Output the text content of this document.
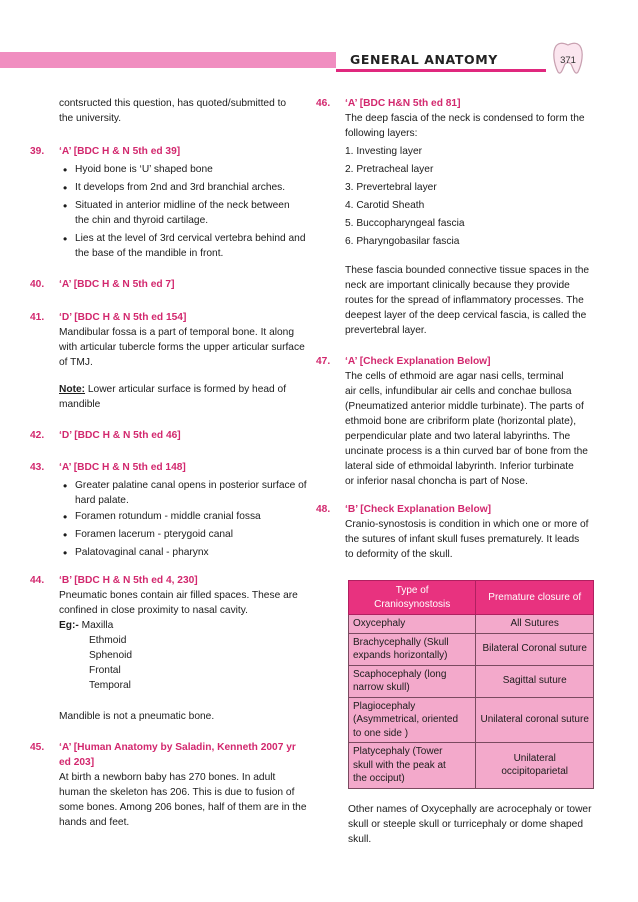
GENERAL ANATOMY	371
contsructed this question, has quoted/submitted to
the university.
39. ‘A’ [BDC H & N 5th ed 39]
• Hyoid bone is ‘U’ shaped bone
• It develops from 2nd and 3rd branchial arches.
• Situated in anterior midline of the neck between
the chin and thyroid cartilage.
• Lies at the level of 3rd cervical vertebra behind and
the base of the mandible in front.
40. ‘A’ [BDC H & N 5th ed 7]
41. ‘D’ [BDC H & N 5th ed 154]
Mandibular fossa is a part of temporal bone. It along
with articular tubercle forms the upper articular surface
of TMJ.
Note: Lower articular surface is formed by head of
mandible
42. ‘D’ [BDC H & N 5th ed 46]
43. ‘A’ [BDC H & N 5th ed 148]
• Greater palatine canal opens in posterior surface of
hard palate.
• Foramen rotundum - middle cranial fossa
• Foramen lacerum - pterygoid canal
• Palatovaginal canal - pharynx
44. ‘B’ [BDC H & N 5th ed 4, 230]
Pneumatic bones contain air filled spaces. These are
confined in close proximity to nasal cavity.
Eg:- Maxilla
Ethmoid
Sphenoid
Frontal
Temporal
Mandible is not a pneumatic bone.
45. ‘A’ [Human Anatomy by Saladin, Kenneth 2007 yr
ed 203]
At birth a newborn baby has 270 bones. In adult
human the skeleton has 206. This is due to fusion of
some bones. Among 206 bones, half of them are in the
hands and feet.
46. ‘A’ [BDC H&N 5th ed 81]
The deep fascia of the neck is condensed to form the
following layers:
1. Investing layer
2. Pretracheal layer
3. Prevertebral layer
4. Carotid Sheath
5. Buccopharyngeal fascia
6. Pharyngobasilar fascia
These fascia bounded connective tissue spaces in the
neck are important clinically because they provide
routes for the spread of inflammatory processes. The
deepest layer of the deep cervical fascia, is called the
prevertebral layer.
47. ‘A’ [Check Explanation Below]
The cells of ethmoid are agar nasi cells, terminal
air cells, infundibular air cells and conchae bullosa
(Pneumatized anterior middle turbinate). The parts of
ethmoid bone are cribriform plate (horizontal plate),
perpendicular plate and two lateral labyrinths. The
uncinate process is a thin curved bar of bone from the
lateral side of ethmoidal labyrinth. Inferior turbinate
or inferior nasal choncha is part of Nose.
48. ‘B’ [Check Explanation Below]
Cranio-synostosis is condition in which one or more of
the sutures of infant skull fuses prematurely. It leads
to deformity of the skull.
Type of
Craniosynostosis	Premature closure of
Oxycephaly	All Sutures
Brachycephally (Skull
expands horizontally)	Bilateral Coronal suture
Scaphocephaly (long
narrow skull)	Sagittal suture
Plagiocephaly
(Asymmetrical, oriented
to one side )	Unilateral coronal suture
Platycephaly (Tower
skull with the peak at
the occiput)	Unilateral
occipitoparietal
Other names of Oxycephally are acrocephaly or tower
skull or steeple skull or turricephaly or dome shaped
skull.
